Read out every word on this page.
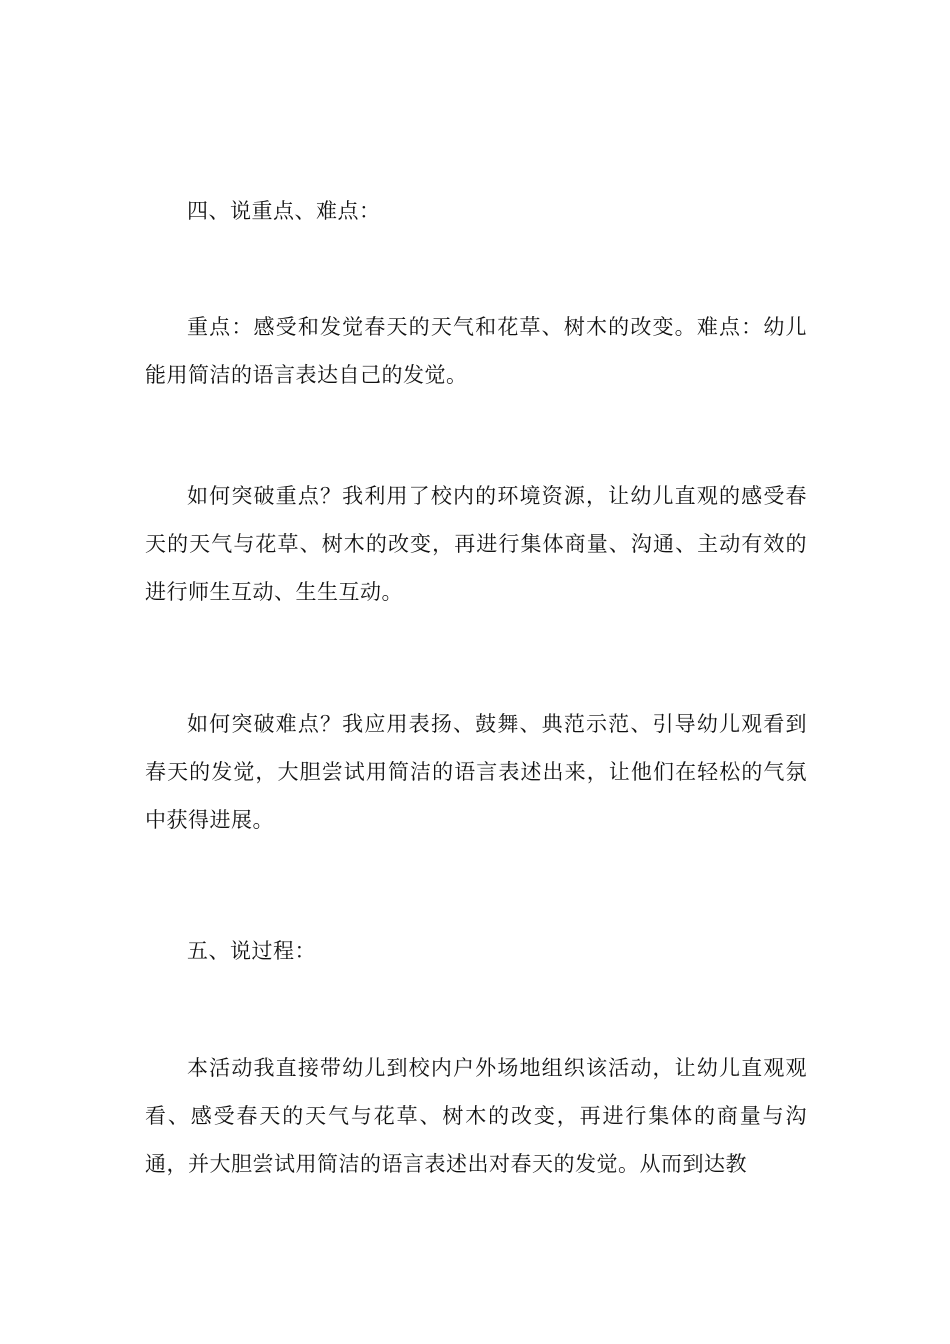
四、说重点、难点：

重点：感受和发觉春天的天气和花草、树木的改变。难点：幼儿能用简洁的语言表达自己的发觉。

如何突破重点？我利用了校内的环境资源，让幼儿直观的感受春天的天气与花草、树木的改变，再进行集体商量、沟通、主动有效的进行师生互动、生生互动。

如何突破难点？我应用表扬、鼓舞、典范示范、引导幼儿观看到春天的发觉，大胆尝试用简洁的语言表述出来，让他们在轻松的气氛中获得进展。

五、说过程：

本活动我直接带幼儿到校内户外场地组织该活动，让幼儿直观观看、感受春天的天气与花草、树木的改变，再进行集体的商量与沟通，并大胆尝试用简洁的语言表述出对春天的发觉。从而到达教
